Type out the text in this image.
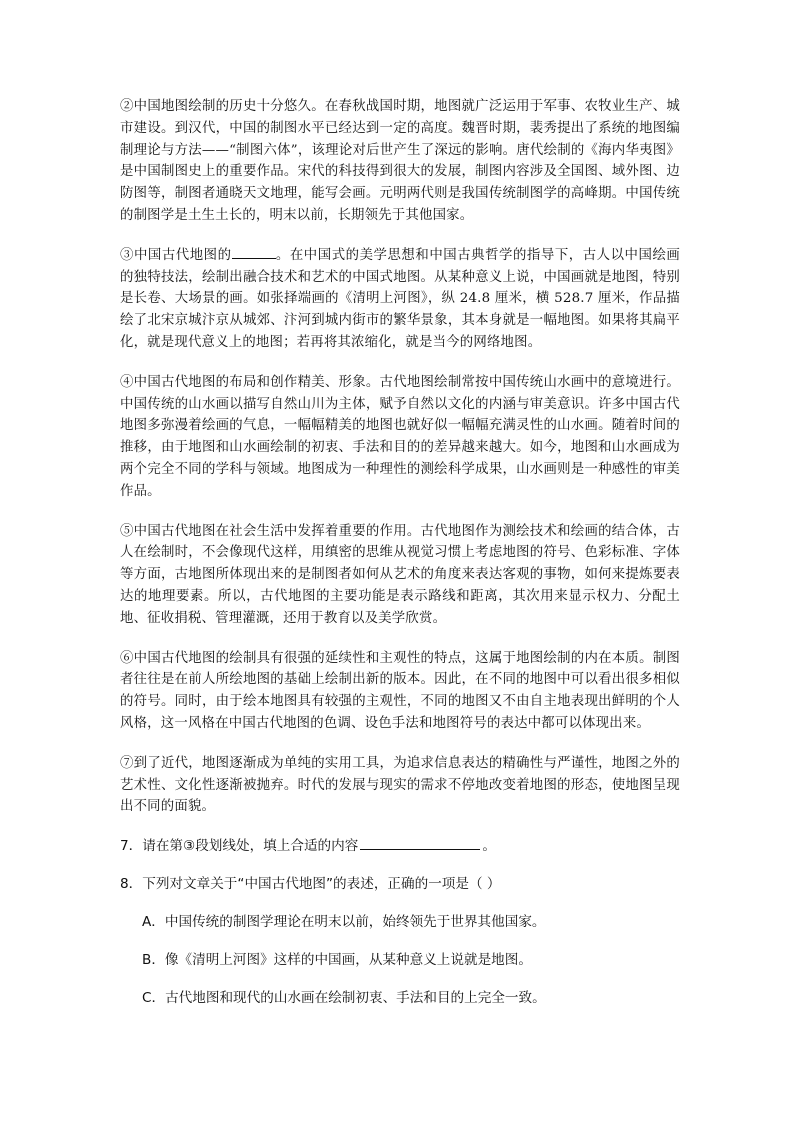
②中国地图绘制的历史十分悠久。在春秋战国时期，地图就广泛运用于军事、农牧业生产、城市建设。到汉代，中国的制图水平已经达到一定的高度。魏晋时期，裴秀提出了系统的地图编制理论与方法——“制图六体”，该理论对后世产生了深远的影响。唐代绘制的《海内华夷图》是中国制图史上的重要作品。宋代的科技得到很大的发展，制图内容涉及全国图、域外图、边防图等，制图者通晓天文地理，能写会画。元明两代则是我国传统制图学的高峰期。中国传统的制图学是土生土长的，明末以前，长期领先于其他国家。

③中国古代地图的	。在中国式的美学思想和中国古典哲学的指导下，古人以中国绘画的独特技法，绘制出融合技术和艺术的中国式地图。从某种意义上说，中国画就是地图，特别是长卷、大场景的画。如张择端画的《清明上河图》，纵 24.8 厘米，横 528.7 厘米，作品描绘了北宋京城汴京从城郊、汴河到城内街市的繁华景象，其本身就是一幅地图。如果将其扁平化，就是现代意义上的地图；若再将其浓缩化，就是当今的网络地图。

④中国古代地图的布局和创作精美、形象。古代地图绘制常按中国传统山水画中的意境进行。中国传统的山水画以描写自然山川为主体，赋予自然以文化的内涵与审美意识。许多中国古代地图多弥漫着绘画的气息，一幅幅精美的地图也就好似一幅幅充满灵性的山水画。随着时间的推移，由于地图和山水画绘制的初衷、手法和目的的差异越来越大。如今，地图和山水画成为两个完全不同的学科与领域。地图成为一种理性的测绘科学成果，山水画则是一种感性的审美作品。

⑤中国古代地图在社会生活中发挥着重要的作用。古代地图作为测绘技术和绘画的结合体，古人在绘制时，不会像现代这样，用缜密的思维从视觉习惯上考虑地图的符号、色彩标准、字体等方面，古地图所体现出来的是制图者如何从艺术的角度来表达客观的事物，如何来提炼要表达的地理要素。所以，古代地图的主要功能是表示路线和距离，其次用来显示权力、分配土地、征收捐税、管理灌溉，还用于教育以及美学欣赏。

⑥中国古代地图的绘制具有很强的延续性和主观性的特点，这属于地图绘制的内在本质。制图者往往是在前人所绘地图的基础上绘制出新的版本。因此，在不同的地图中可以看出很多相似的符号。同时，由于绘本地图具有较强的主观性，不同的地图又不由自主地表现出鲜明的个人风格，这一风格在中国古代地图的色调、设色手法和地图符号的表达中都可以体现出来。

⑦到了近代，地图逐渐成为单纯的实用工具，为追求信息表达的精确性与严谨性，地图之外的艺术性、文化性逐渐被抛弃。时代的发展与现实的需求不停地改变着地图的形态，使地图呈现出不同的面貌。

7．请在第③段划线处，填上合适的内容	。

8．下列对文章关于“中国古代地图”的表述，正确的一项是（ ）

A．中国传统的制图学理论在明末以前，始终领先于世界其他国家。

B．像《清明上河图》这样的中国画，从某种意义上说就是地图。

C．古代地图和现代的山水画在绘制初衷、手法和目的上完全一致。
